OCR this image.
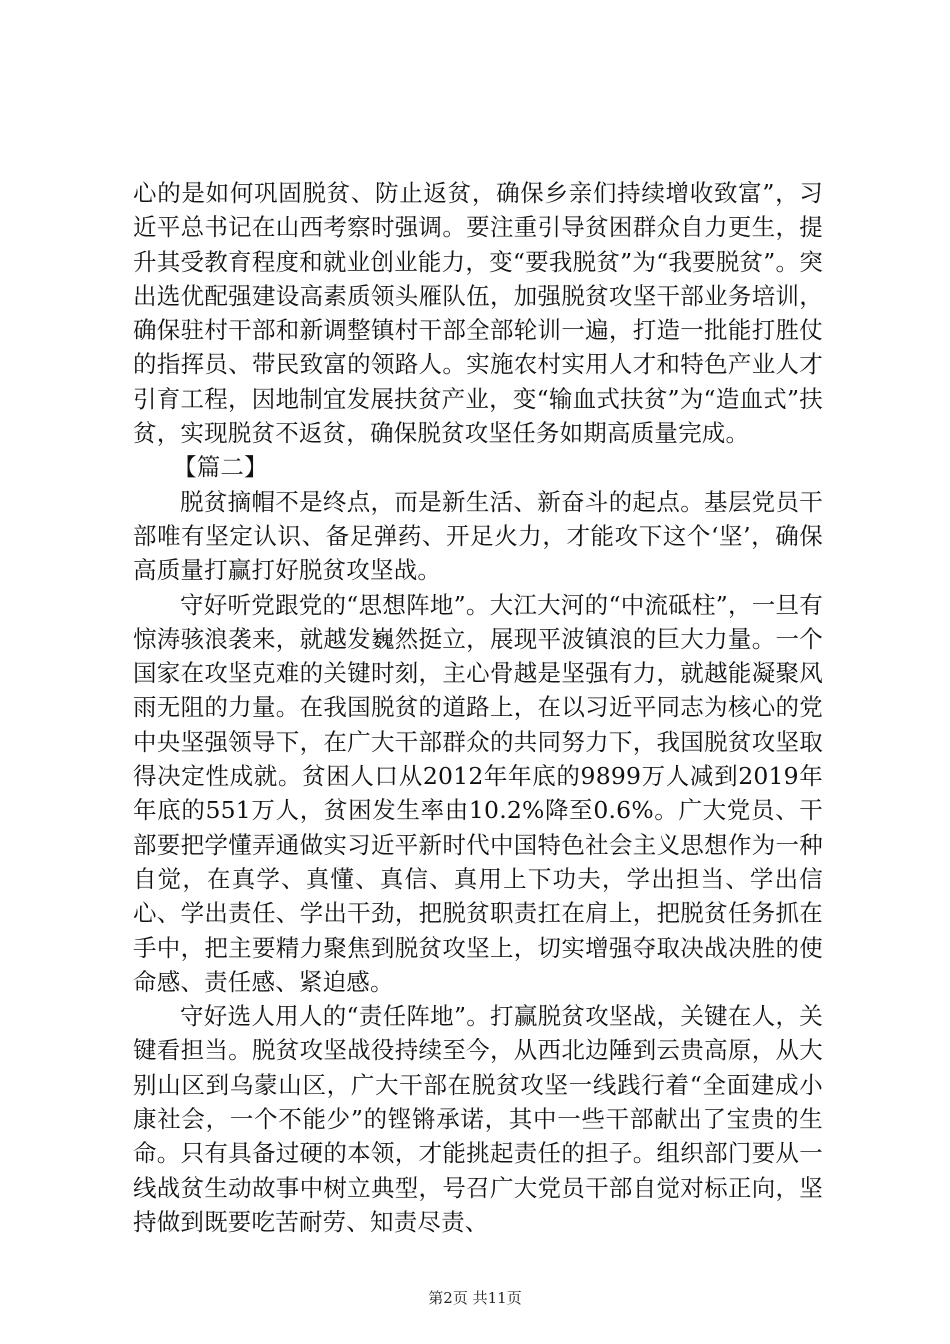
心的是如何巩固脱贫、防止返贫，确保乡亲们持续增收致富”，习近平总书记在山西考察时强调。要注重引导贫困群众自力更生，提升其受教育程度和就业创业能力，变“要我脱贫”为“我要脱贫”。突出选优配强建设高素质领头雁队伍，加强脱贫攻坚干部业务培训，确保驻村干部和新调整镇村干部全部轮训一遍，打造一批能打胜仗的指挥员、带民致富的领路人。实施农村实用人才和特色产业人才引育工程，因地制宜发展扶贫产业，变“输血式扶贫”为“造血式”扶贫，实现脱贫不返贫，确保脱贫攻坚任务如期高质量完成。

【篇二】

脱贫摘帽不是终点，而是新生活、新奋斗的起点。基层党员干部唯有坚定认识、备足弹药、开足火力，才能攻下这个‘坚’，确保高质量打赢打好脱贫攻坚战。

守好听党跟党的“思想阵地”。大江大河的“中流砥柱”，一旦有惊涛骇浪袭来，就越发巍然挺立，展现平波镇浪的巨大力量。一个国家在攻坚克难的关键时刻，主心骨越是坚强有力，就越能凝聚风雨无阻的力量。在我国脱贫的道路上，在以习近平同志为核心的党中央坚强领导下，在广大干部群众的共同努力下，我国脱贫攻坚取得决定性成就。贫困人口从2012年年底的9899万人减到2019年年底的551万人，贫困发生率由10.2%降至0.6%。广大党员、干部要把学懂弄通做实习近平新时代中国特色社会主义思想作为一种自觉，在真学、真懂、真信、真用上下功夫，学出担当、学出信心、学出责任、学出干劲，把脱贫职责扛在肩上，把脱贫任务抓在手中，把主要精力聚焦到脱贫攻坚上，切实增强夺取决战决胜的使命感、责任感、紧迫感。

守好选人用人的“责任阵地”。打赢脱贫攻坚战，关键在人，关键看担当。脱贫攻坚战役持续至今，从西北边陲到云贵高原，从大别山区到乌蒙山区，广大干部在脱贫攻坚一线践行着“全面建成小康社会，一个不能少”的铿锵承诺，其中一些干部献出了宝贵的生命。只有具备过硬的本领，才能挑起责任的担子。组织部门要从一线战贫生动故事中树立典型，号召广大党员干部自觉对标正向，坚持做到既要吃苦耐劳、知责尽责、

第2页 共11页
